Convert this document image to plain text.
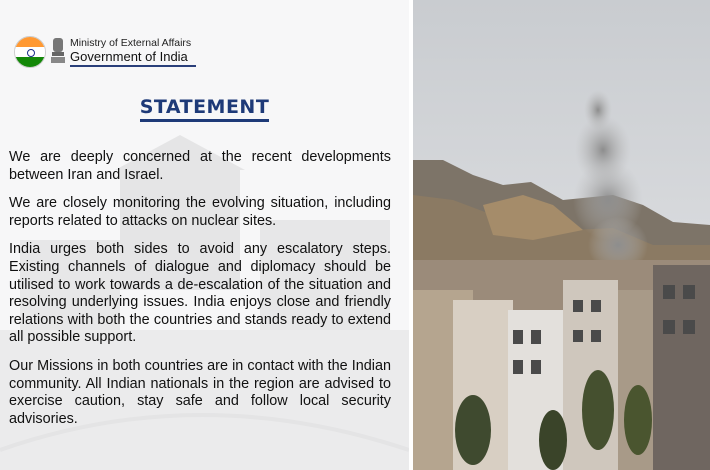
Ministry of External Affairs
Government of India
STATEMENT

We are deeply concerned at the recent developments between Iran and Israel.

We are closely monitoring the evolving situation, including reports related to attacks on nuclear sites.

India urges both sides to avoid any escalatory steps. Existing channels of dialogue and diplomacy should be utilised to work towards a de-escalation of the situation and resolving underlying issues. India enjoys close and friendly relations with both the countries and stands ready to extend all possible support.

Our Missions in both countries are in contact with the Indian community. All Indian nationals in the region are advised to exercise caution, stay safe and follow local security advisories.
